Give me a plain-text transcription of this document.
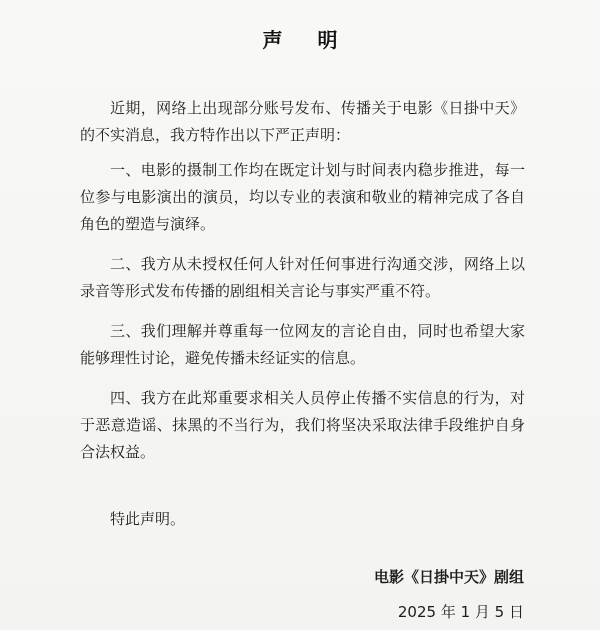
声 明

近期，网络上出现部分账号发布、传播关于电影《日掛中天》的不实消息，我方特作出以下严正声明：

一、电影的摄制工作均在既定计划与时间表内稳步推进，每一位参与电影演出的演员，均以专业的表演和敬业的精神完成了各自角色的塑造与演绎。

二、我方从未授权任何人针对任何事进行沟通交涉，网络上以录音等形式发布传播的剧组相关言论与事实严重不符。

三、我们理解并尊重每一位网友的言论自由，同时也希望大家能够理性讨论，避免传播未经证实的信息。

四、我方在此郑重要求相关人员停止传播不实信息的行为，对于恶意造谣、抹黑的不当行为，我们将坚决采取法律手段维护自身合法权益。

特此声明。

电影《日掛中天》剧组
2025 年 1 月 5 日
